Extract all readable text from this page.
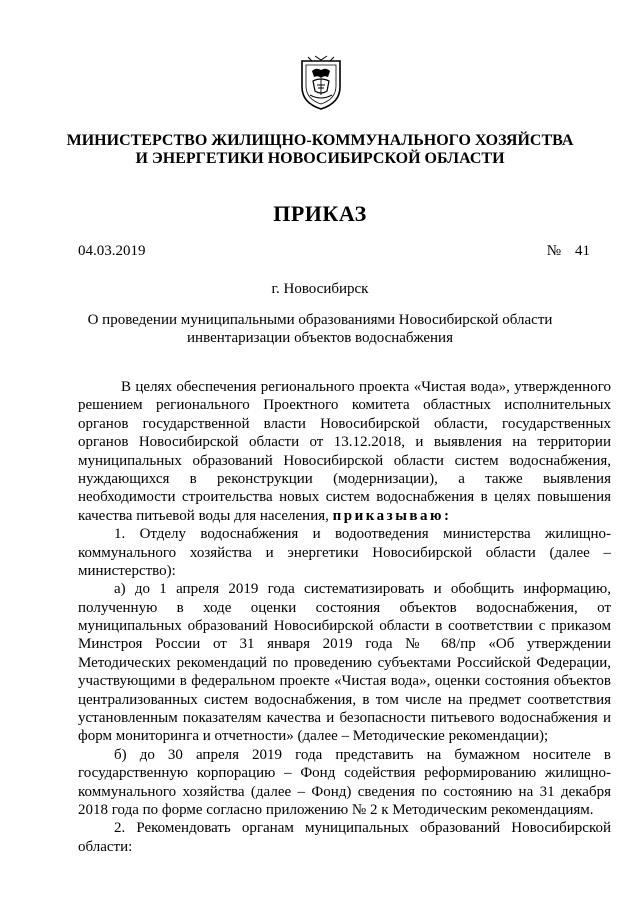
МИНИСТЕРСТВО ЖИЛИЩНО-КОММУНАЛЬНОГО ХОЗЯЙСТВА
И ЭНЕРГЕТИКИ НОВОСИБИРСКОЙ ОБЛАСТИ
ПРИКАЗ
04.03.2019	№ 41
г. Новосибирск
О проведении муниципальными образованиями Новосибирской области
инвентаризации объектов водоснабжения
В целях обеспечения регионального проекта «Чистая вода», утвержденного
решением регионального Проектного комитета областных исполнительных
органов государственной власти Новосибирской области, государственных
органов Новосибирской области от 13.12.2018, и выявления на территории
муниципальных образований Новосибирской области систем водоснабжения,
нуждающихся в реконструкции (модернизации), а также выявления
необходимости строительства новых систем водоснабжения в целях повышения
качества питьевой воды для населения, приказываю:
1. Отделу водоснабжения и водоотведения министерства жилищно-
коммунального хозяйства и энергетики Новосибирской области (далее –
министерство):
а) до 1 апреля 2019 года систематизировать и обобщить информацию,
полученную в ходе оценки состояния объектов водоснабжения, от
муниципальных образований Новосибирской области в соответствии с приказом
Минстроя России от 31 января 2019 года № 68/пр «Об утверждении
Методических рекомендаций по проведению субъектами Российской Федерации,
участвующими в федеральном проекте «Чистая вода», оценки состояния объектов
централизованных систем водоснабжения, в том числе на предмет соответствия
установленным показателям качества и безопасности питьевого водоснабжения и
форм мониторинга и отчетности» (далее – Методические рекомендации);
б) до 30 апреля 2019 года представить на бумажном носителе в
государственную корпорацию – Фонд содействия реформированию жилищно-
коммунального хозяйства (далее – Фонд) сведения по состоянию на 31 декабря
2018 года по форме согласно приложению № 2 к Методическим рекомендациям.
2. Рекомендовать органам муниципальных образований Новосибирской
области:
